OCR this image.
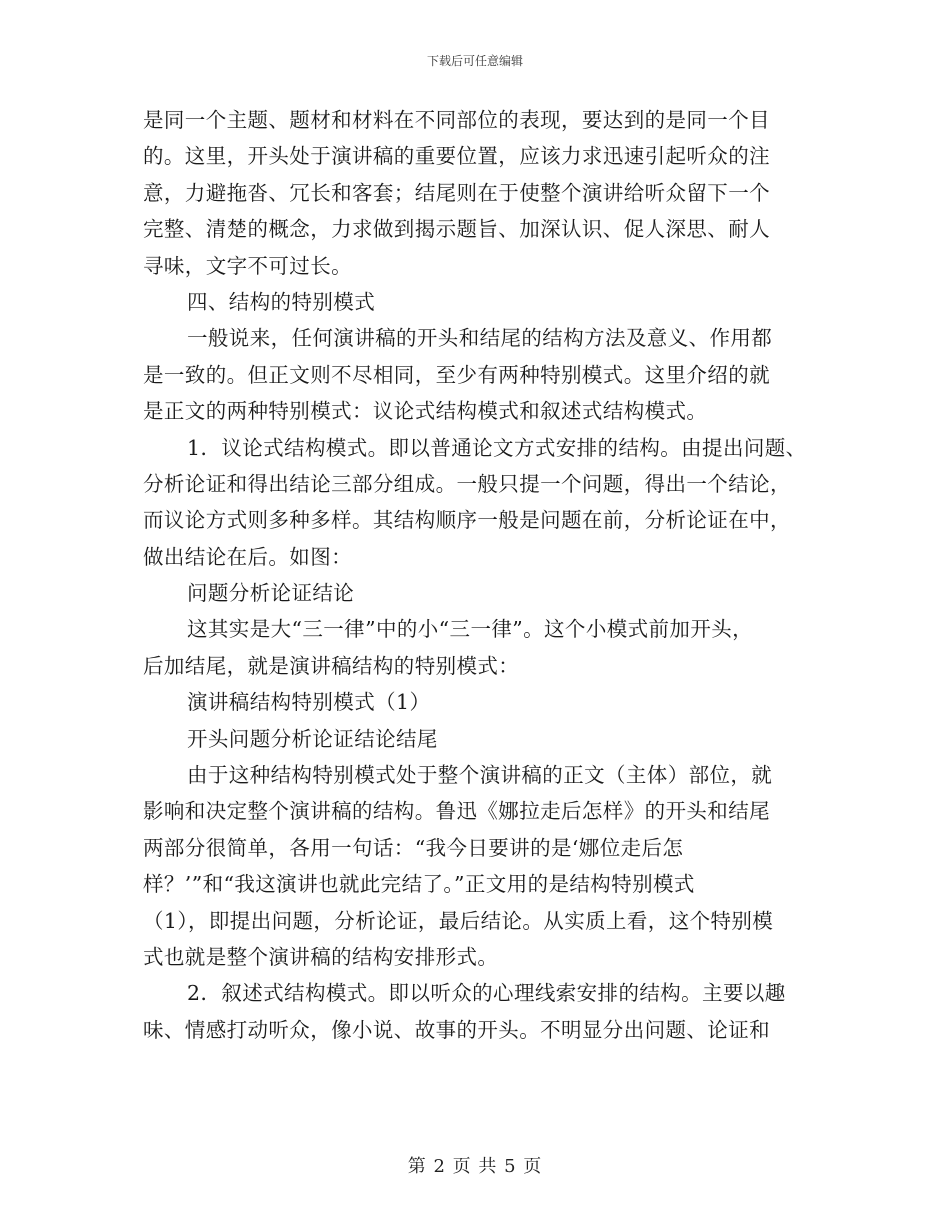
下载后可任意编辑
是同一个主题、题材和材料在不同部位的表现，要达到的是同一个目
的。这里，开头处于演讲稿的重要位置，应该力求迅速引起听众的注
意，力避拖沓、冗长和客套；结尾则在于使整个演讲给听众留下一个
完整、清楚的概念，力求做到揭示题旨、加深认识、促人深思、耐人
寻味，文字不可过长。
四、结构的特别模式
一般说来，任何演讲稿的开头和结尾的结构方法及意义、作用都
是一致的。但正文则不尽相同，至少有两种特别模式。这里介绍的就
是正文的两种特别模式：议论式结构模式和叙述式结构模式。
1．议论式结构模式。即以普通论文方式安排的结构。由提出问题、
分析论证和得出结论三部分组成。一般只提一个问题，得出一个结论，
而议论方式则多种多样。其结构顺序一般是问题在前，分析论证在中，
做出结论在后。如图：
问题分析论证结论
这其实是大“三一律”中的小“三一律”。这个小模式前加开头，
后加结尾，就是演讲稿结构的特别模式：
演讲稿结构特别模式（1）
开头问题分析论证结论结尾
由于这种结构特别模式处于整个演讲稿的正文（主体）部位，就
影响和决定整个演讲稿的结构。鲁迅《娜拉走后怎样》的开头和结尾
两部分很简单，各用一句话：“我今日要讲的是‘娜位走后怎
样？’”和“我这演讲也就此完结了。”正文用的是结构特别模式
（1），即提出问题，分析论证，最后结论。从实质上看，这个特别模
式也就是整个演讲稿的结构安排形式。
2．叙述式结构模式。即以听众的心理线索安排的结构。主要以趣
味、情感打动听众，像小说、故事的开头。不明显分出问题、论证和
第 2 页 共 5 页
